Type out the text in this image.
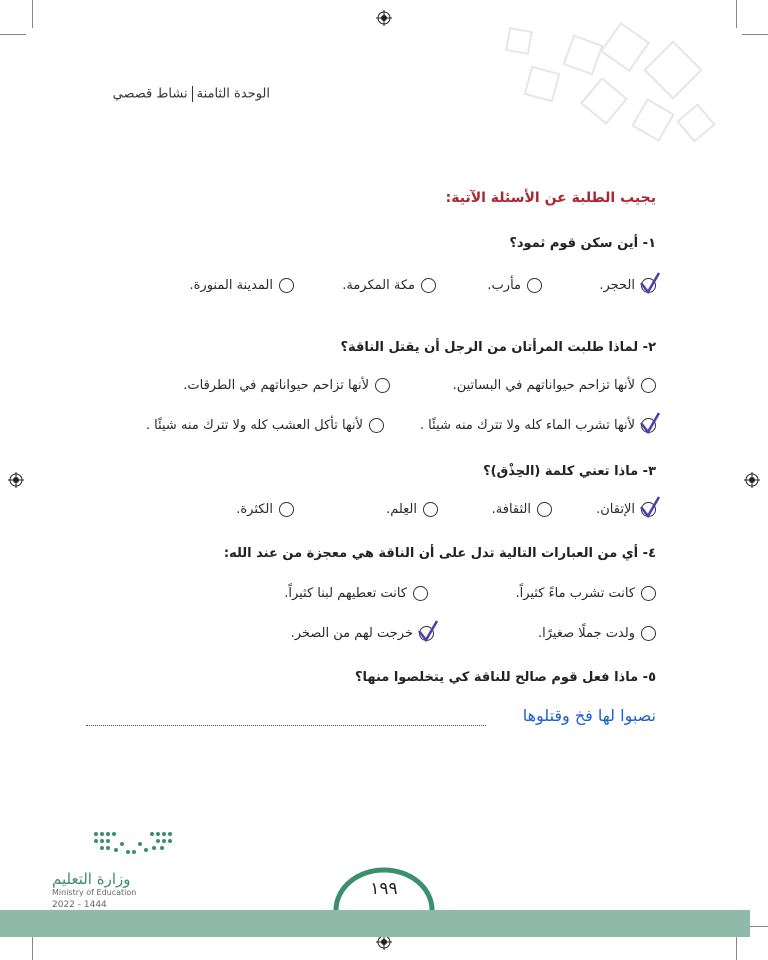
الوحدة الثامنةنشاط قصصي
يجيب الطلبة عن الأسئلة الآتية:
١- أين سكن قوم ثمود؟
الحجر.
مأرب.
مكة المكرمة.
المدينة المنورة.
٢- لماذا طلبت المرأتان من الرجل أن يقتل الناقة؟
لأنها تزاحم حيواناتهم في البساتين.
لأنها تزاحم حيواناتهم في الطرقات.
لأنها تشرب الماء كله ولا تترك منه شيئًا .
لأنها تأكل العشب كله ولا تترك منه شيئًا .
٣- ماذا تعني كلمة (الحِذْق)؟
الإتقان.
الثقافة.
العِلم.
الكثرة.
٤- أي من العبارات التالية تدل على أن الناقة هي معجزة من عند الله:
كانت تشرب ماءً كثيراً.
كانت تعطيهم لبنا كثيراً.
ولدت جملًا صغيرًا.
خرجت لهم من الصخر.
٥- ماذا فعل قوم صالح للناقة كي يتخلصوا منها؟
نصبوا لها فخ وقتلوها
١٩٩
وزارة التعليم
Ministry of Education
2022 - 1444
